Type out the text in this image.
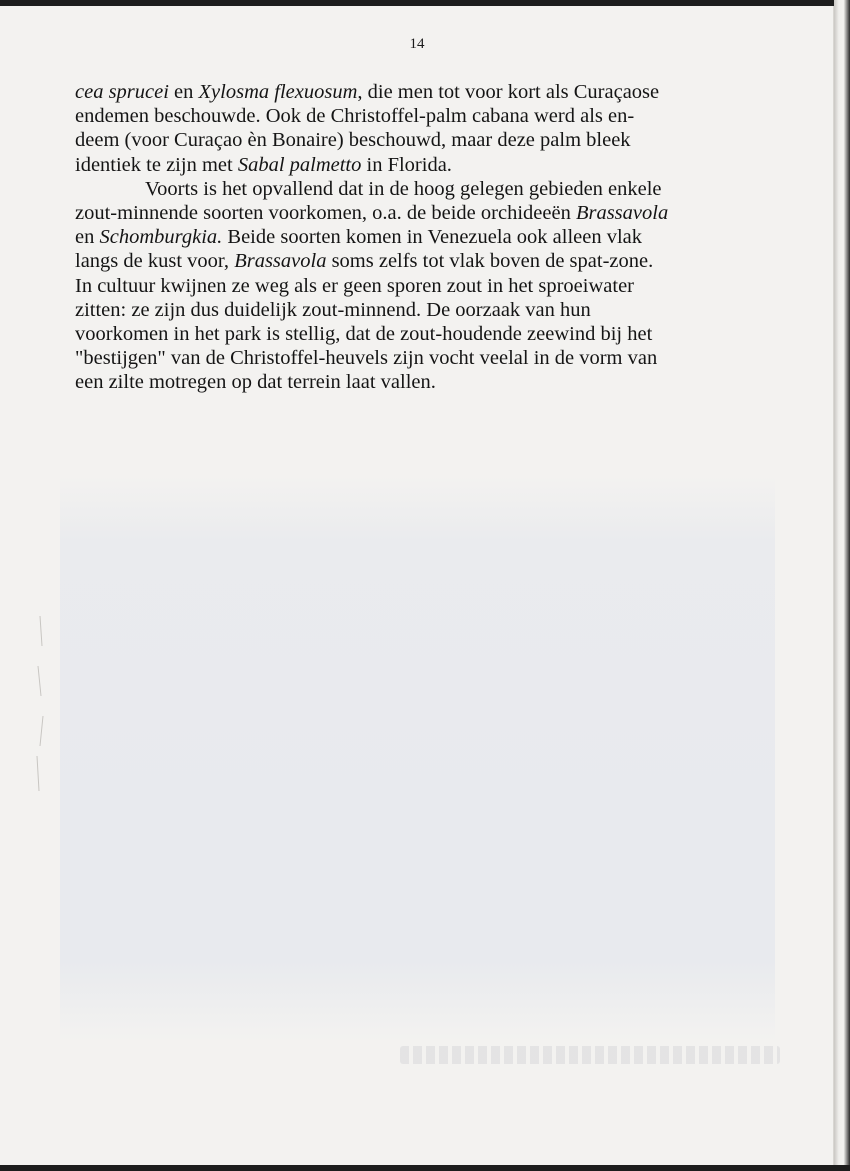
14
cea sprucei en Xylosma flexuosum, die men tot voor kort als Curaçaose
endemen beschouwde. Ook de Christoffel-palm cabana werd als en-
deem (voor Curaçao èn Bonaire) beschouwd, maar deze palm bleek
identiek te zijn met Sabal palmetto in Florida.
Voorts is het opvallend dat in de hoog gelegen gebieden enkele
zout-minnende soorten voorkomen, o.a. de beide orchideeën Brassavola
en Schomburgkia. Beide soorten komen in Venezuela ook alleen vlak
langs de kust voor, Brassavola soms zelfs tot vlak boven de spat-zone.
In cultuur kwijnen ze weg als er geen sporen zout in het sproeiwater
zitten: ze zijn dus duidelijk zout-minnend. De oorzaak van hun
voorkomen in het park is stellig, dat de zout-houdende zeewind bij het
"bestijgen" van de Christoffel-heuvels zijn vocht veelal in de vorm van
een zilte motregen op dat terrein laat vallen.
